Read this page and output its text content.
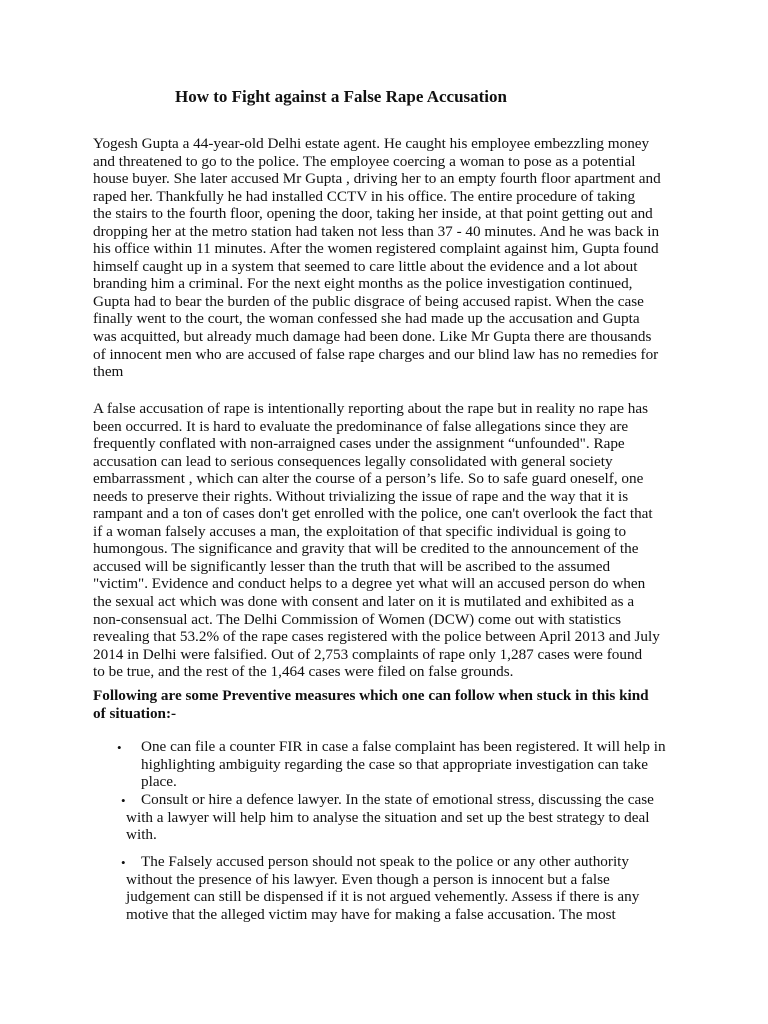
How to Fight against a False Rape Accusation
Yogesh Gupta a 44-year-old Delhi estate agent. He caught his employee embezzling money
and threatened to go to the police. The employee coercing a woman to pose as a potential
house buyer. She later accused Mr Gupta , driving her to an empty fourth floor apartment and
raped her. Thankfully he had installed CCTV in his office. The entire procedure of taking
the stairs to the fourth floor, opening the door, taking her inside, at that point getting out and
dropping her at the metro station had taken not less than 37 - 40 minutes. And he was back in
his office within 11 minutes. After the women registered complaint against him, Gupta found
himself caught up in a system that seemed to care little about the evidence and a lot about
branding him a criminal. For the next eight months as the police investigation continued,
Gupta had to bear the burden of the public disgrace of being accused rapist. When the case
finally went to the court, the woman confessed she had made up the accusation and Gupta
was acquitted, but already much damage had been done. Like Mr Gupta there are thousands
of innocent men who are accused of false rape charges and our blind law has no remedies for
them
A false accusation of rape is intentionally reporting about the rape but in reality no rape has
been occurred. It is hard to evaluate the predominance of false allegations since they are
frequently conflated with non-arraigned cases under the assignment “unfounded". Rape
accusation can lead to serious consequences legally consolidated with general society
embarrassment , which can alter the course of a person’s life. So to safe guard oneself, one
needs to preserve their rights. Without trivializing the issue of rape and the way that it is
rampant and a ton of cases don't get enrolled with the police, one can't overlook the fact that
if a woman falsely accuses a man, the exploitation of that specific individual is going to
humongous. The significance and gravity that will be credited to the announcement of the
accused will be significantly lesser than the truth that will be ascribed to the assumed
"victim". Evidence and conduct helps to a degree yet what will an accused person do when
the sexual act which was done with consent and later on it is mutilated and exhibited as a
non-consensual act. The Delhi Commission of Women (DCW) come out with statistics
revealing that 53.2% of the rape cases registered with the police between April 2013 and July
2014 in Delhi were falsified. Out of 2,753 complaints of rape only 1,287 cases were found
to be true, and the rest of the 1,464 cases were filed on false grounds.
Following are some Preventive measures which one can follow when stuck in this kind
of situation:-
• One can file a counter FIR in case a false complaint has been registered. It will help in
highlighting ambiguity regarding the case so that appropriate investigation can take
place.
•	Consult or hire a defence lawyer. In the state of emotional stress, discussing the case
with a lawyer will help him to analyse the situation and set up the best strategy to deal
with.
•	The Falsely accused person should not speak to the police or any other authority
without the presence of his lawyer. Even though a person is innocent but a false
judgement can still be dispensed if it is not argued vehemently. Assess if there is any
motive that the alleged victim may have for making a false accusation. The most
